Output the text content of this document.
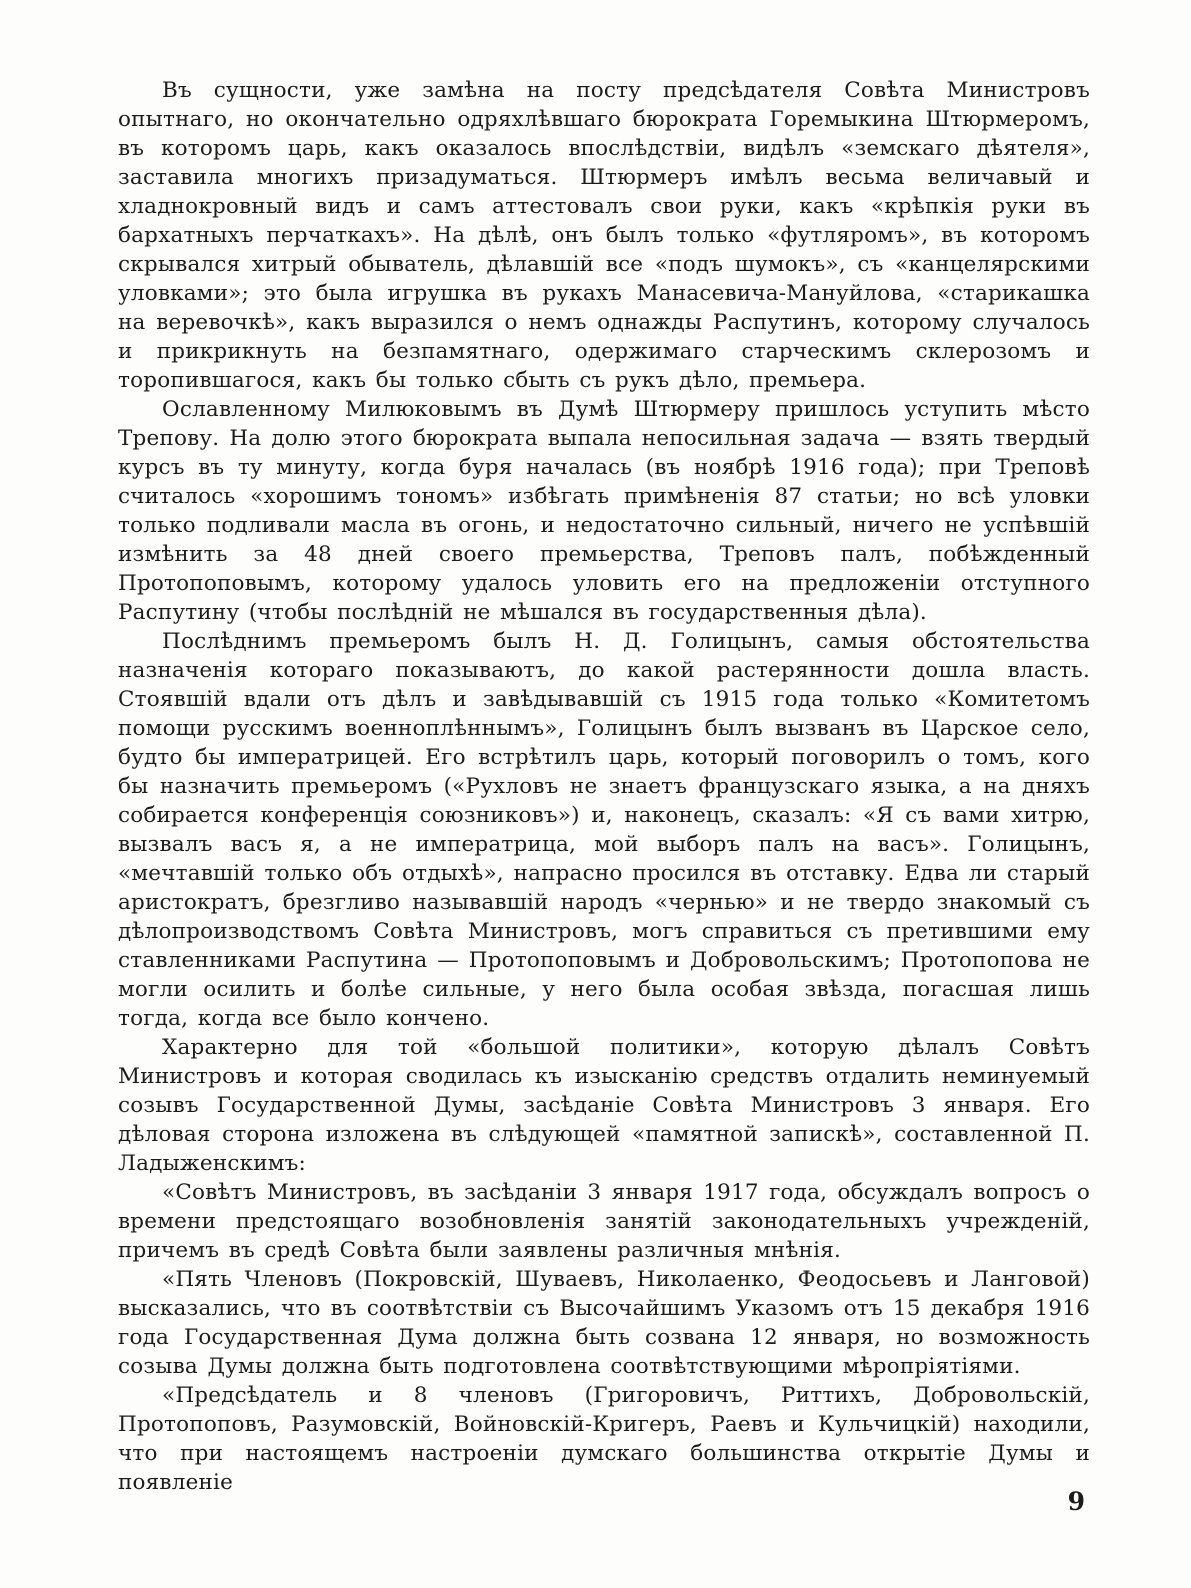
Въ сущности, уже замѣна на посту предсѣдателя Совѣта Министровъ опытнаго, но окончательно одряхлѣвшаго бюрократа Горемыкина Штюрмеромъ, въ которомъ царь, какъ оказалось впослѣдствіи, видѣлъ «земскаго дѣятеля», заставила многихъ призадуматься. Штюрмеръ имѣлъ весьма величавый и хладнокровный видъ и самъ аттестовалъ свои руки, какъ «крѣпкія руки въ бархатныхъ перчаткахъ». На дѣлѣ, онъ былъ только «футляромъ», въ которомъ скрывался хитрый обыватель, дѣлавшій все «подъ шумокъ», съ «канцелярскими уловками»; это была игрушка въ рукахъ Манасевича-Мануйлова, «старикашка на веревочкѣ», какъ выразился о немъ однажды Распутинъ, которому случалось и прикрикнуть на безпамятнаго, одержимаго старческимъ склерозомъ и торопившагося, какъ бы только сбыть съ рукъ дѣло, премьера.

Ославленному Милюковымъ въ Думѣ Штюрмеру пришлось уступить мѣсто Трепову. На долю этого бюрократа выпала непосильная задача — взять твердый курсъ въ ту минуту, когда буря началась (въ ноябрѣ 1916 года); при Треповѣ считалось «хорошимъ тономъ» избѣгать примѣненія 87 статьи; но всѣ уловки только подливали масла въ огонь, и недостаточно сильный, ничего не успѣвшій измѣнить за 48 дней своего премьерства, Треповъ палъ, побѣжденный Протопоповымъ, которому удалось уловить его на предложеніи отступного Распутину (чтобы послѣдній не мѣшался въ государственныя дѣла).

Послѣднимъ премьеромъ былъ Н. Д. Голицынъ, самыя обстоятельства назначенія котораго показываютъ, до какой растерянности дошла власть. Стоявшій вдали отъ дѣлъ и завѣдывавшій съ 1915 года только «Комитетомъ помощи русскимъ военноплѣннымъ», Голицынъ былъ вызванъ въ Царское село, будто бы императрицей. Его встрѣтилъ царь, который поговорилъ о томъ, кого бы назначить премьеромъ («Рухловъ не знаетъ французскаго языка, а на дняхъ собирается конференція союзниковъ») и, наконецъ, сказалъ: «Я съ вами хитрю, вызвалъ васъ я, а не императрица, мой выборъ палъ на васъ». Голицынъ, «мечтавшій только объ отдыхѣ», напрасно просился въ отставку. Едва ли старый аристократъ, брезгливо называвшій народъ «чернью» и не твердо знакомый съ дѣлопроизводствомъ Совѣта Министровъ, могъ справиться съ претившими ему ставленниками Распутина — Протопоповымъ и Добровольскимъ; Протопопова не могли осилить и болѣе сильные, у него была особая звѣзда, погасшая лишь тогда, когда все было кончено.

Характерно для той «большой политики», которую дѣлалъ Совѣтъ Министровъ и которая сводилась къ изысканію средствъ отдалить неминуемый созывъ Государственной Думы, засѣданіе Совѣта Министровъ 3 января. Его дѣловая сторона изложена въ слѣдующей «памятной запискѣ», составленной П. Ладыженскимъ:

«Совѣтъ Министровъ, въ засѣданіи 3 января 1917 года, обсуждалъ вопросъ о времени предстоящаго возобновленія занятій законодательныхъ учрежденій, причемъ въ средѣ Совѣта были заявлены различныя мнѣнія.

«Пять Членовъ (Покровскій, Шуваевъ, Николаенко, Феодосьевъ и Ланговой) высказались, что въ соотвѣтствіи съ Высочайшимъ Указомъ отъ 15 декабря 1916 года Государственная Дума должна быть созвана 12 января, но возможность созыва Думы должна быть подготовлена соотвѣтствующими мѣропріятіями.

«Предсѣдатель и 8 членовъ (Григоровичъ, Риттихъ, Добровольскій, Протопоповъ, Разумовскій, Войновскій-Кригеръ, Раевъ и Кульчицкій) находили, что при настоящемъ настроеніи думскаго большинства открытіе Думы и появленіе

9
